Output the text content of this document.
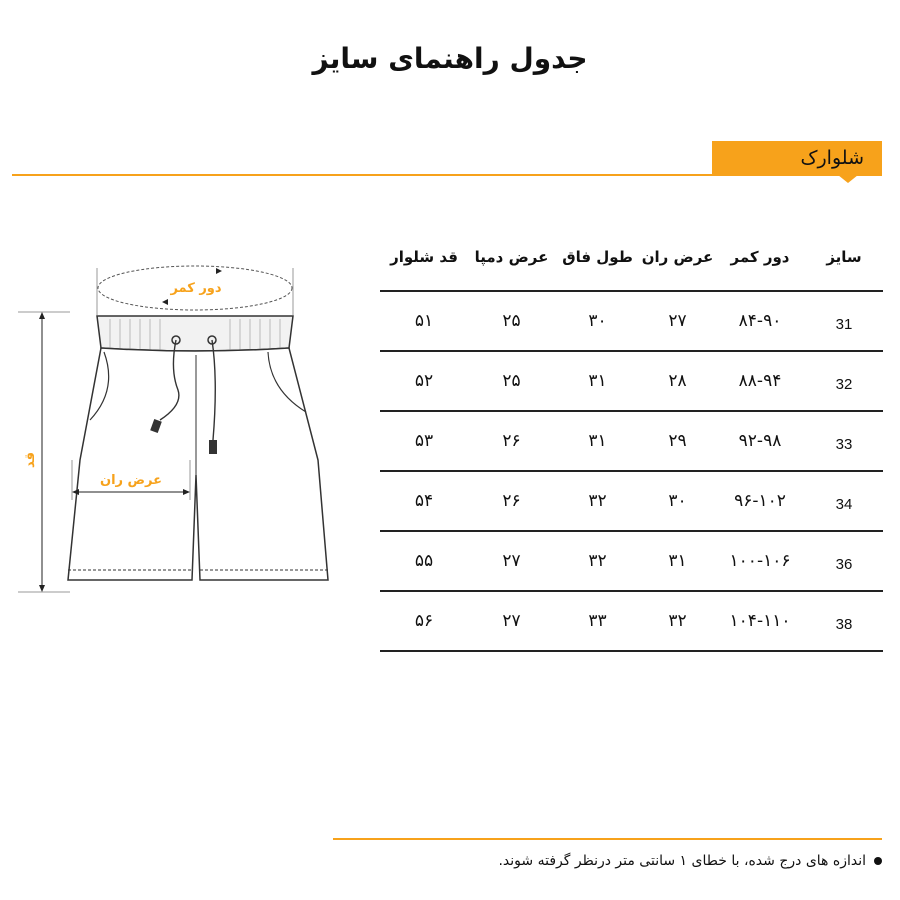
جدول راهنمای سایز
شلوارک
دور کمر
عرض ران
قد
سایز
دور کمر
عرض ران
طول فاق
عرض دمپا
قد شلوار
31
۸۴-۹۰
۲۷
۳۰
۲۵
۵۱
32
۸۸-۹۴
۲۸
۳۱
۲۵
۵۲
33
۹۲-۹۸
۲۹
۳۱
۲۶
۵۳
34
۹۶-۱۰۲
۳۰
۳۲
۲۶
۵۴
36
۱۰۰-۱۰۶
۳۱
۳۲
۲۷
۵۵
38
۱۰۴-۱۱۰
۳۲
۳۳
۲۷
۵۶
اندازه های درج شده، با خطای ۱ سانتی متر درنظر گرفته شوند.
